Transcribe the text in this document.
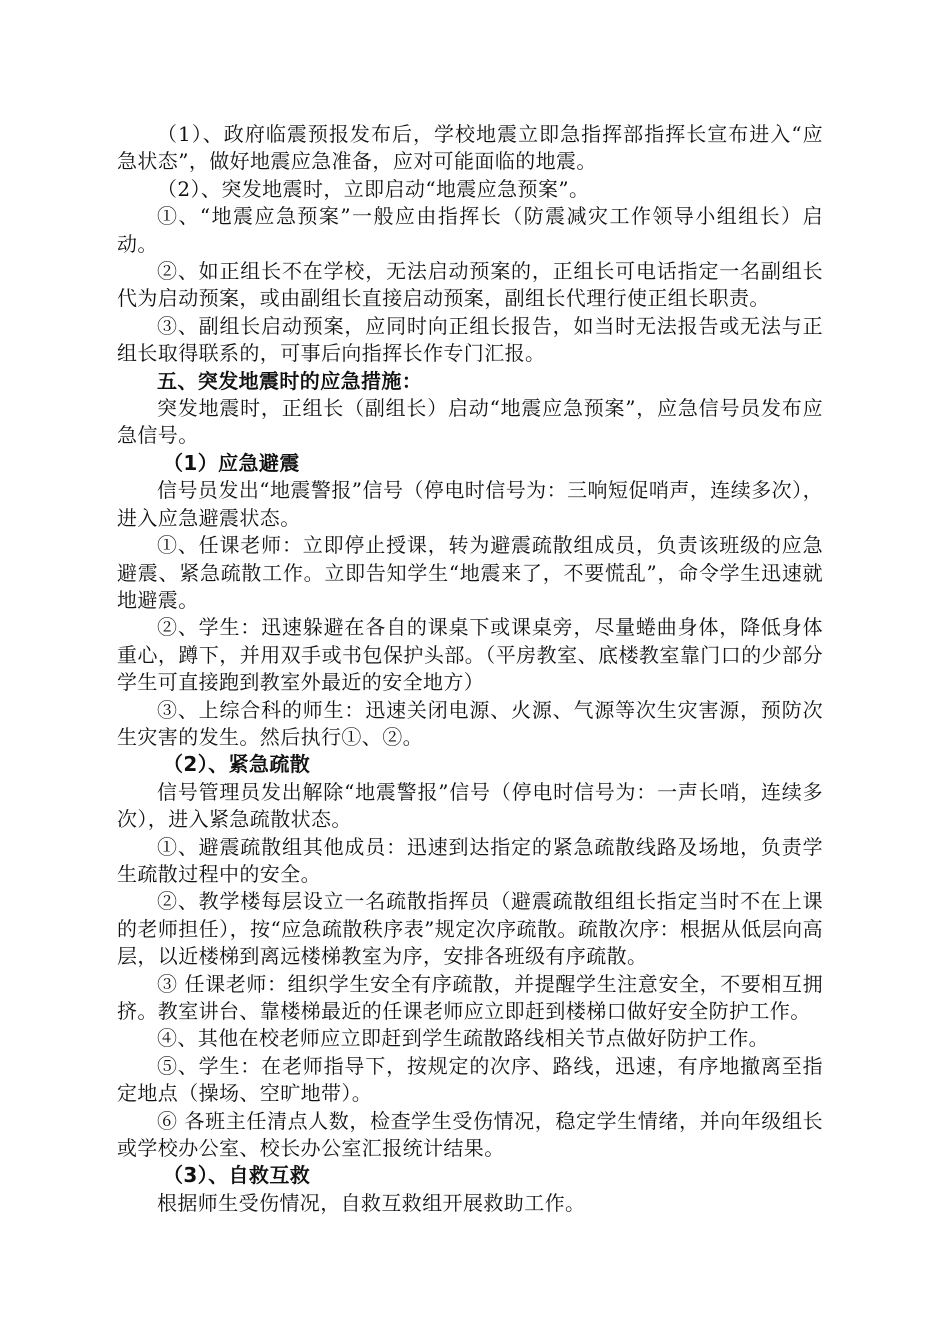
（1）、政府临震预报发布后，学校地震立即急指挥部指挥长宣布进入“应急状态”，做好地震应急准备，应对可能面临的地震。

（2）、突发地震时，立即启动“地震应急预案”。

①、“地震应急预案”一般应由指挥长（防震减灾工作领导小组组长）启动。

②、如正组长不在学校，无法启动预案的，正组长可电话指定一名副组长代为启动预案，或由副组长直接启动预案，副组长代理行使正组长职责。

③、副组长启动预案，应同时向正组长报告，如当时无法报告或无法与正组长取得联系的，可事后向指挥长作专门汇报。

五、突发地震时的应急措施：

突发地震时，正组长（副组长）启动“地震应急预案”，应急信号员发布应急信号。

（1）应急避震

信号员发出“地震警报”信号（停电时信号为：三响短促哨声，连续多次），进入应急避震状态。

①、任课老师：立即停止授课，转为避震疏散组成员，负责该班级的应急避震、紧急疏散工作。立即告知学生“地震来了，不要慌乱”，命令学生迅速就地避震。

②、学生：迅速躲避在各自的课桌下或课桌旁，尽量蜷曲身体，降低身体重心，蹲下，并用双手或书包保护头部。（平房教室、底楼教室靠门口的少部分学生可直接跑到教室外最近的安全地方）

③、上综合科的师生：迅速关闭电源、火源、气源等次生灾害源，预防次生灾害的发生。然后执行①、②。

（2）、紧急疏散

信号管理员发出解除“地震警报”信号（停电时信号为：一声长哨，连续多次），进入紧急疏散状态。

①、避震疏散组其他成员：迅速到达指定的紧急疏散线路及场地，负责学生疏散过程中的安全。

②、教学楼每层设立一名疏散指挥员（避震疏散组组长指定当时不在上课的老师担任），按“应急疏散秩序表”规定次序疏散。疏散次序：根据从低层向高层，以近楼梯到离远楼梯教室为序，安排各班级有序疏散。

③ 任课老师：组织学生安全有序疏散，并提醒学生注意安全，不要相互拥挤。教室讲台、靠楼梯最近的任课老师应立即赶到楼梯口做好安全防护工作。

④、其他在校老师应立即赶到学生疏散路线相关节点做好防护工作。

⑤、学生：在老师指导下，按规定的次序、路线，迅速，有序地撤离至指定地点（操场、空旷地带）。

⑥ 各班主任清点人数，检查学生受伤情况，稳定学生情绪，并向年级组长或学校办公室、校长办公室汇报统计结果。

（3）、自救互救

根据师生受伤情况，自救互救组开展救助工作。
